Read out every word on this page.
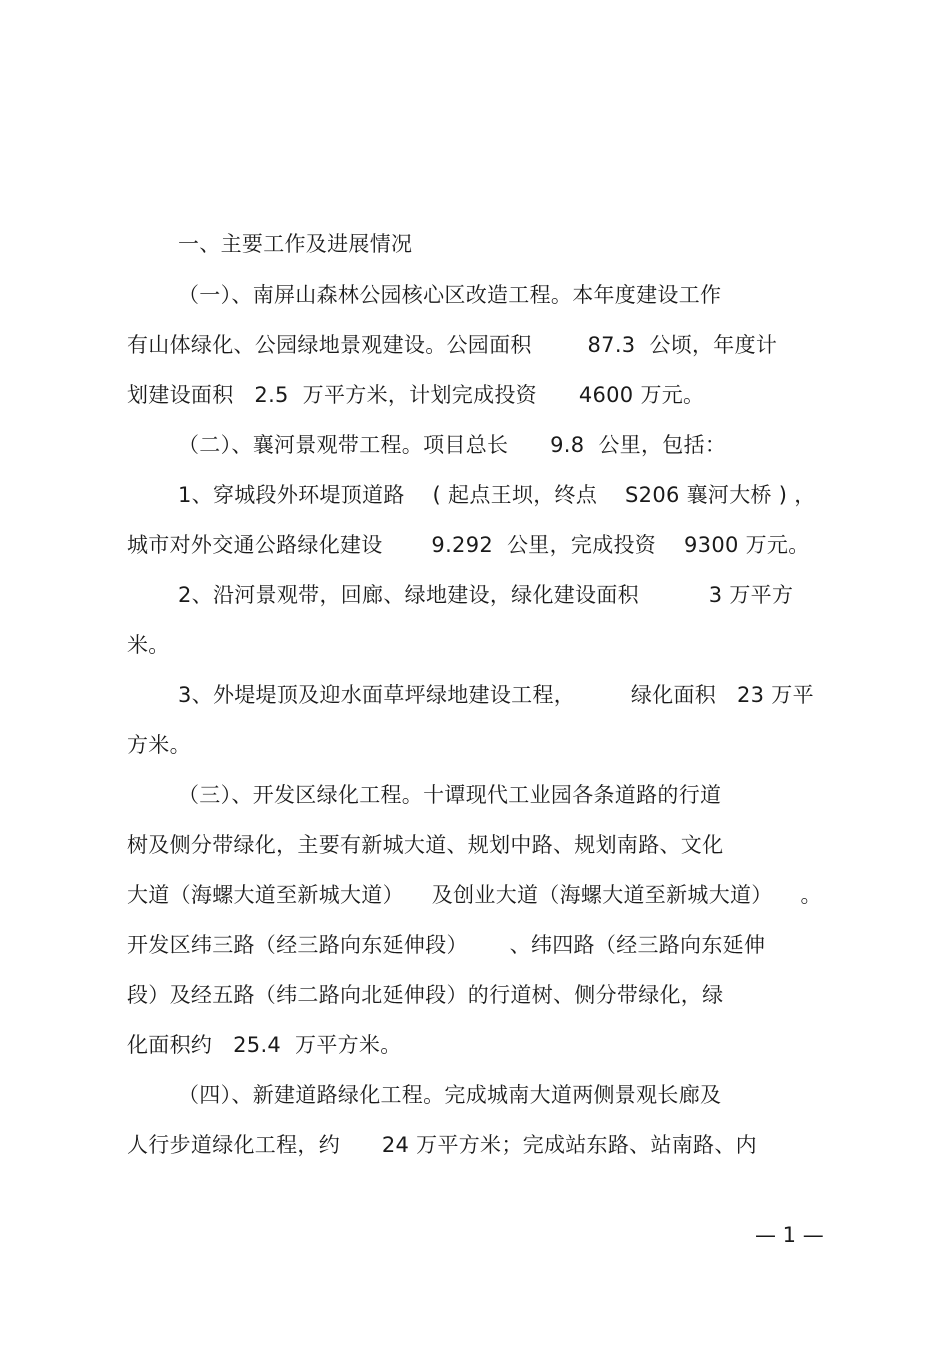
一、主要工作及进展情况
（一）、南屏山森林公园核心区改造工程。本年度建设工作
有山体绿化、公园绿地景观建设。公园面积        87.3  公顷，年度计
划建设面积   2.5  万平方米，计划完成投资      4600 万元。
（二）、襄河景观带工程。项目总长      9.8  公里，包括：
1、穿城段外环堤顶道路    ( 起点王坝，终点    S206 襄河大桥 ) ，
城市对外交通公路绿化建设       9.292  公里，完成投资    9300 万元。
2、沿河景观带，回廊、绿地建设，绿化建设面积          3 万平方
米。
3、外堤堤顶及迎水面草坪绿地建设工程，        绿化面积   23 万平
方米。
（三）、开发区绿化工程。十谭现代工业园各条道路的行道
树及侧分带绿化，主要有新城大道、规划中路、规划南路、文化
大道（海螺大道至新城大道）    及创业大道（海螺大道至新城大道）    。
开发区纬三路（经三路向东延伸段）      、纬四路（经三路向东延伸
段）及经五路（纬二路向北延伸段）的行道树、侧分带绿化，绿
化面积约   25.4  万平方米。
（四）、新建道路绿化工程。完成城南大道两侧景观长廊及
人行步道绿化工程，约      24 万平方米；完成站东路、站南路、内
— 1 —
